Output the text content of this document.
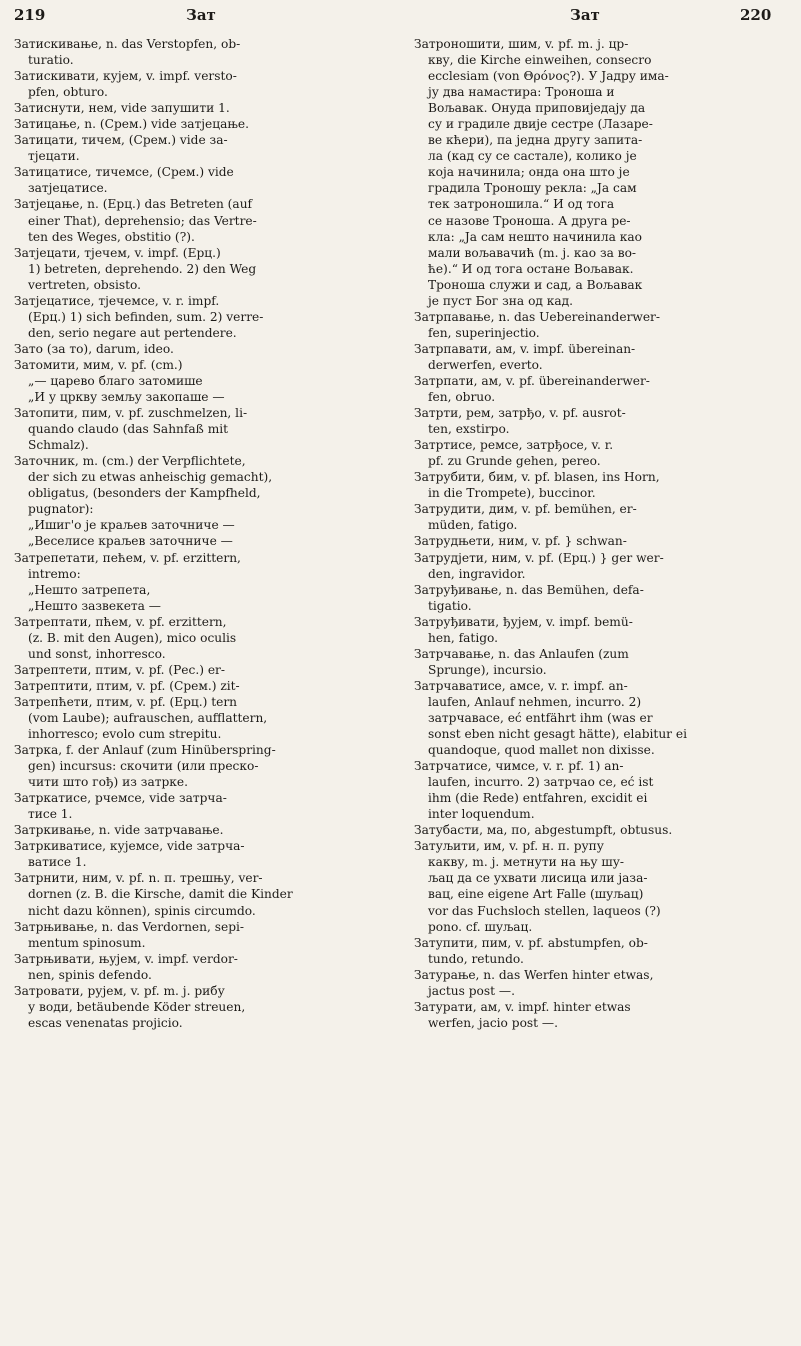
219	Зат	Зат	220
Затискивање, n. das Verstopfen, ob-
turatio.
Затискивати, кујем, v. impf. verstо-
pfen, obturo.
Затиснути, нем, vide запушити 1.
Затицање, n. (Срем.) vide затјецање.
Затицати, тичем, (Срем.) vide за-
тјецати.
Затицатисе, тичемсе, (Срем.) vide
затјецатисе.
Затјецање, n. (Ерц.) das Betreten (auf
einer That), deprehensio; das Vertre-
ten des Weges, obstitio (?).
Затјецати, тјечем, v. impf. (Ерц.)
1) betreten, deprehendo. 2) den Weg
vertreten, obsisto.
Затјецатисе, тјечемсе, v. r. impf.
(Ерц.) 1) sich befinden, sum. 2) verre-
den, serio negare aut pertendere.
Зато (за то), darum, ideo.
Затомити, мим, v. pf. (cm.)
„— царево благо затомише
„И у цркву земљу закопаше —
Затопити, пим, v. pf. zuschmelzen, li-
quando claudo (das Sahnfaß mit
Schmalz).
Заточник, m. (cm.) der Verpflichtete,
der sich zu etwas anheischig gemacht),
obligatus, (besonders der Kampfheld,
pugnator):
„Ишиг'о је краљев заточниче —
„Веселисе краљев заточниче —
Затрепетати, пећем, v. pf. erzittern,
intremo:
„Нешто затрепета,
„Нешто зазвекета —
Затрептати, пћем, v. pf. erzittern,
(z. B. mit den Augen), mico oculis
und sonst, inhorresco.
Затрептети, птим, v. pf. (Рес.) er-
Затрептити, птим, v. pf. (Срем.) zit-
Затрепћети, птим, v. pf. (Ерц.) tern
(vom Laube); aufrauschen, aufflattern,
inhorresco; evolo cum strepitu.
Затрка, f. der Anlauf (zum Hinüberspring-
gen) incursus: скочити (или преско-
чити што гођ) из затрке.
Затркатисе, рчемсе, vide затрча-
тисе 1.
Затркивање, n. vide затрчавање.
Затркиватисе, кујемсе, vide затрча-
ватисе 1.
Затрнити, ним, v. pf. n. п. трешњу, ver-
dornen (z. B. die Kirsche, damit die Kinder
nicht dazu können), spinis circumdo.
Затрњивање, n. das Verdornen, sepi-
mentum spinosum.
Затрњивати, њујем, v. impf. verdor-
nen, spinis defendo.
Затровати, рујем, v. pf. m. j. рибу
у води, betäubende Köder streuen,
escas venenatas projicio.
Затроношити, шим, v. pf. m. j. цр-
кву, die Kirche einweihen, consecro
ecclesiam (von Θρόνος?). У Јадру има-
ју два намастира: Троноша и
Вољавак. Онуда приповиједају да
су и градиле двије сестре (Лазаре-
ве кћери), па једна другу запита-
ла (кад су се састале), колико је
која начинила; онда она што је
градила Троношу рекла: „Ја сам
тек затроношила.“ И од тога
се назове Троноша. А друга ре-
кла: „Ја сам нешто начинила као
мали вољавачић (m. j. као за во-
ће).“ И од тога остане Вољавак.
Троноша служи и сад, а Вољавак
је пуст Бог зна од кад.
Затрпавање, n. das Uebereinanderwer-
fen, superinjectio.
Затрпавати, ам, v. impf. übereinan-
derwerfen, everto.
Затрпати, ам, v. pf. übereinanderwer-
fen, obruo.
Затрти, рем, затрђо, v. pf. ausrot-
ten, exstirpo.
Затртисе, ремсе, затрђосе, v. r.
pf. zu Grunde gehen, pereo.
Затрубити, бим, v. pf. blasen, ins Horn,
in die Trompete), buccinor.
Затрудити, дим, v. pf. bemühen, er-
müden, fatigo.
Затрудњети, ним, v. pf. } schwan-
Затрудјети, ним, v. pf. (Ерц.) } ger wer-
den, ingravidor.
Затруђивање, n. das Bemühen, defa-
tigatio.
Затруђивати, ђујем, v. impf. bemü-
hen, fatigo.
Затрчавање, n. das Anlaufen (zum
Sprunge), incursio.
Затрчаватисе, амсе, v. r. impf. an-
laufen, Anlauf nehmen, incurro. 2)
затрчавасе, еć entfährt ihm (was er
sonst eben nicht gesagt hätte), elabitur ei
quandoque, quod mallet non dixisse.
Затрчатисе, чимсе, v. r. pf. 1) an-
laufen, incurro. 2) затрчао се, еć ist
ihm (die Rede) entfahren, excidit ei
inter loquendum.
Затубасти, ма, по, abgestumpft, obtusus.
Затуљити, им, v. pf. н. п. рупу
какву, m. j. метнути на њу шу-
љац да се ухвати лисица или јаза-
вац, eine eigene Art Falle (шуљац)
vor das Fuchsloch stellen, laqueos (?)
pono. cf. шуљац.
Затупити, пим, v. pf. abstumpfen, ob-
tundo, retundo.
Затурање, n. das Werfen hinter etwas,
jactus post —.
Затурати, ам, v. impf. hinter etwas
werfen, jacio post —.
